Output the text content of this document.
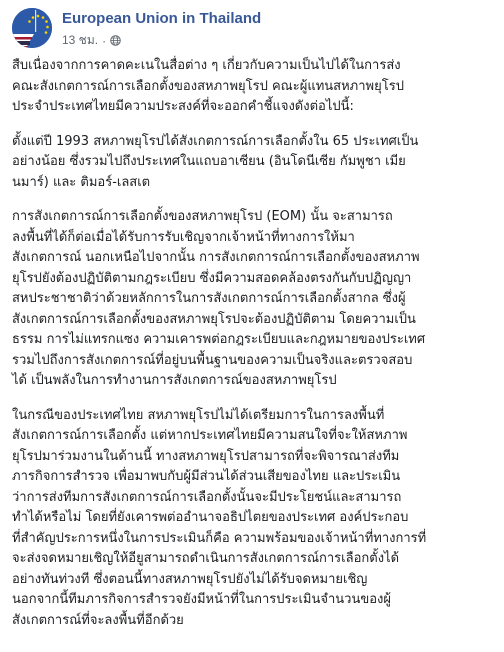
European Union in Thailand
13 ชม. ·

สืบเนื่องจากการคาดคะเนในสื่อต่าง ๆ เกี่ยวกับความเป็นไปได้ในการส่ง
คณะสังเกตการณ์การเลือกตั้งของสหภาพยุโรป คณะผู้แทนสหภาพยุโรป
ประจำประเทศไทยมีความประสงค์ที่จะออกคำชี้แจงดังต่อไปนี้:

ตั้งแต่ปี 1993 สหภาพยุโรปได้สังเกตการณ์การเลือกตั้งใน 65 ประเทศเป็น
อย่างน้อย ซึ่งรวมไปถึงประเทศในแถบอาเซียน (อินโดนีเซีย กัมพูชา เมีย
นมาร์) และ ติมอร์-เลสเต

การสังเกตการณ์การเลือกตั้งของสหภาพยุโรป (EOM) นั้น จะสามารถ
ลงพื้นที่ได้ก็ต่อเมื่อได้รับการรับเชิญจากเจ้าหน้าที่ทางการให้มา
สังเกตการณ์ นอกเหนือไปจากนั้น การสังเกตการณ์การเลือกตั้งของสหภาพ
ยุโรปยังต้องปฏิบัติตามกฎระเบียบ ซึ่งมีความสอดคล้องตรงกันกับปฏิญญา
สหประชาชาติว่าด้วยหลักการในการสังเกตการณ์การเลือกตั้งสากล ซึ่งผู้
สังเกตการณ์การเลือกตั้งของสหภาพยุโรปจะต้องปฏิบัติตาม โดยความเป็น
ธรรม การไม่แทรกแซง ความเคารพต่อกฎระเบียบและกฎหมายของประเทศ
รวมไปถึงการสังเกตการณ์ที่อยู่บนพื้นฐานของความเป็นจริงและตรวจสอบ
ได้ เป็นพลังในการทำงานการสังเกตการณ์ของสหภาพยุโรป

ในกรณีของประเทศไทย สหภาพยุโรปไม่ได้เตรียมการในการลงพื้นที่
สังเกตการณ์การเลือกตั้ง แต่หากประเทศไทยมีความสนใจที่จะให้สหภาพ
ยุโรปมาร่วมงานในด้านนี้ ทางสหภาพยุโรปสามารถที่จะพิจารณาส่งทีม
ภารกิจการสำรวจ เพื่อมาพบกับผู้มีส่วนได้ส่วนเสียของไทย และประเมิน
ว่าการส่งทีมการสังเกตการณ์การเลือกตั้งนั้นจะมีประโยชน์และสามารถ
ทำได้หรือไม่ โดยที่ยังเคารพต่ออำนาจอธิปไตยของประเทศ องค์ประกอบ
ที่สำคัญประการหนึ่งในการประเมินก็คือ ความพร้อมของเจ้าหน้าที่ทางการที่
จะส่งจดหมายเชิญให้อียูสามารถดำเนินการสังเกตการณ์การเลือกตั้งได้
อย่างทันท่วงที ซึ่งตอนนี้ทางสหภาพยุโรปยังไม่ได้รับจดหมายเชิญ
นอกจากนี้ทีมภารกิจการสำรวจยังมีหน้าที่ในการประเมินจำนวนของผู้
สังเกตการณ์ที่จะลงพื้นที่อีกด้วย
